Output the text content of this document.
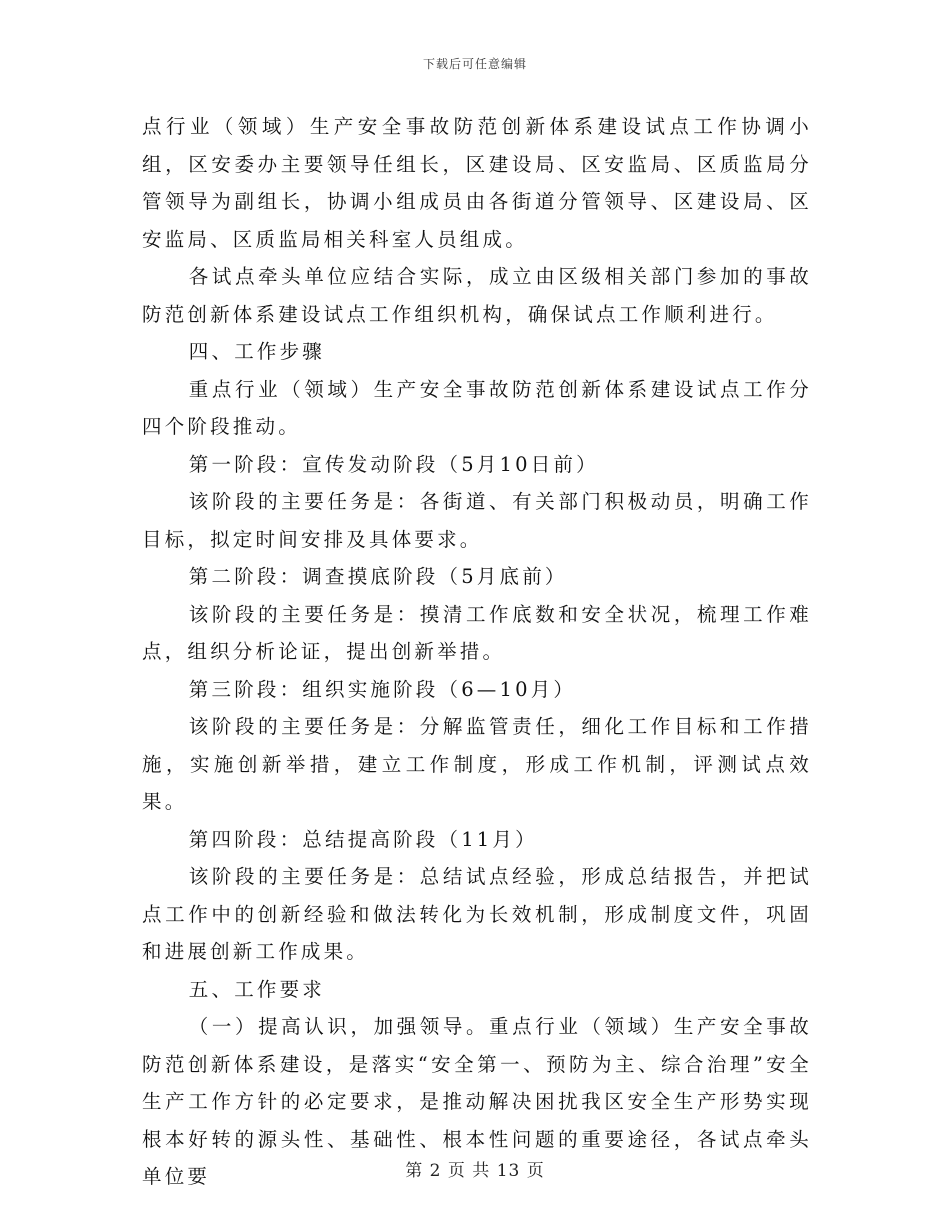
下载后可任意编辑

点行业（领域）生产安全事故防范创新体系建设试点工作协调小组，区安委办主要领导任组长，区建设局、区安监局、区质监局分管领导为副组长，协调小组成员由各街道分管领导、区建设局、区安监局、区质监局相关科室人员组成。

各试点牵头单位应结合实际，成立由区级相关部门参加的事故防范创新体系建设试点工作组织机构，确保试点工作顺利进行。

四、工作步骤

重点行业（领域）生产安全事故防范创新体系建设试点工作分四个阶段推动。

第一阶段：宣传发动阶段（5月10日前）

该阶段的主要任务是：各街道、有关部门积极动员，明确工作目标，拟定时间安排及具体要求。

第二阶段：调查摸底阶段（5月底前）

该阶段的主要任务是：摸清工作底数和安全状况，梳理工作难点，组织分析论证，提出创新举措。

第三阶段：组织实施阶段（6—10月）

该阶段的主要任务是：分解监管责任，细化工作目标和工作措施，实施创新举措，建立工作制度，形成工作机制，评测试点效果。

第四阶段：总结提高阶段（11月）

该阶段的主要任务是：总结试点经验，形成总结报告，并把试点工作中的创新经验和做法转化为长效机制，形成制度文件，巩固和进展创新工作成果。

五、工作要求

（一）提高认识，加强领导。重点行业（领域）生产安全事故防范创新体系建设，是落实“安全第一、预防为主、综合治理”安全生产工作方针的必定要求，是推动解决困扰我区安全生产形势实现根本好转的源头性、基础性、根本性问题的重要途径，各试点牵头单位要	第 2 页 共 13 页
